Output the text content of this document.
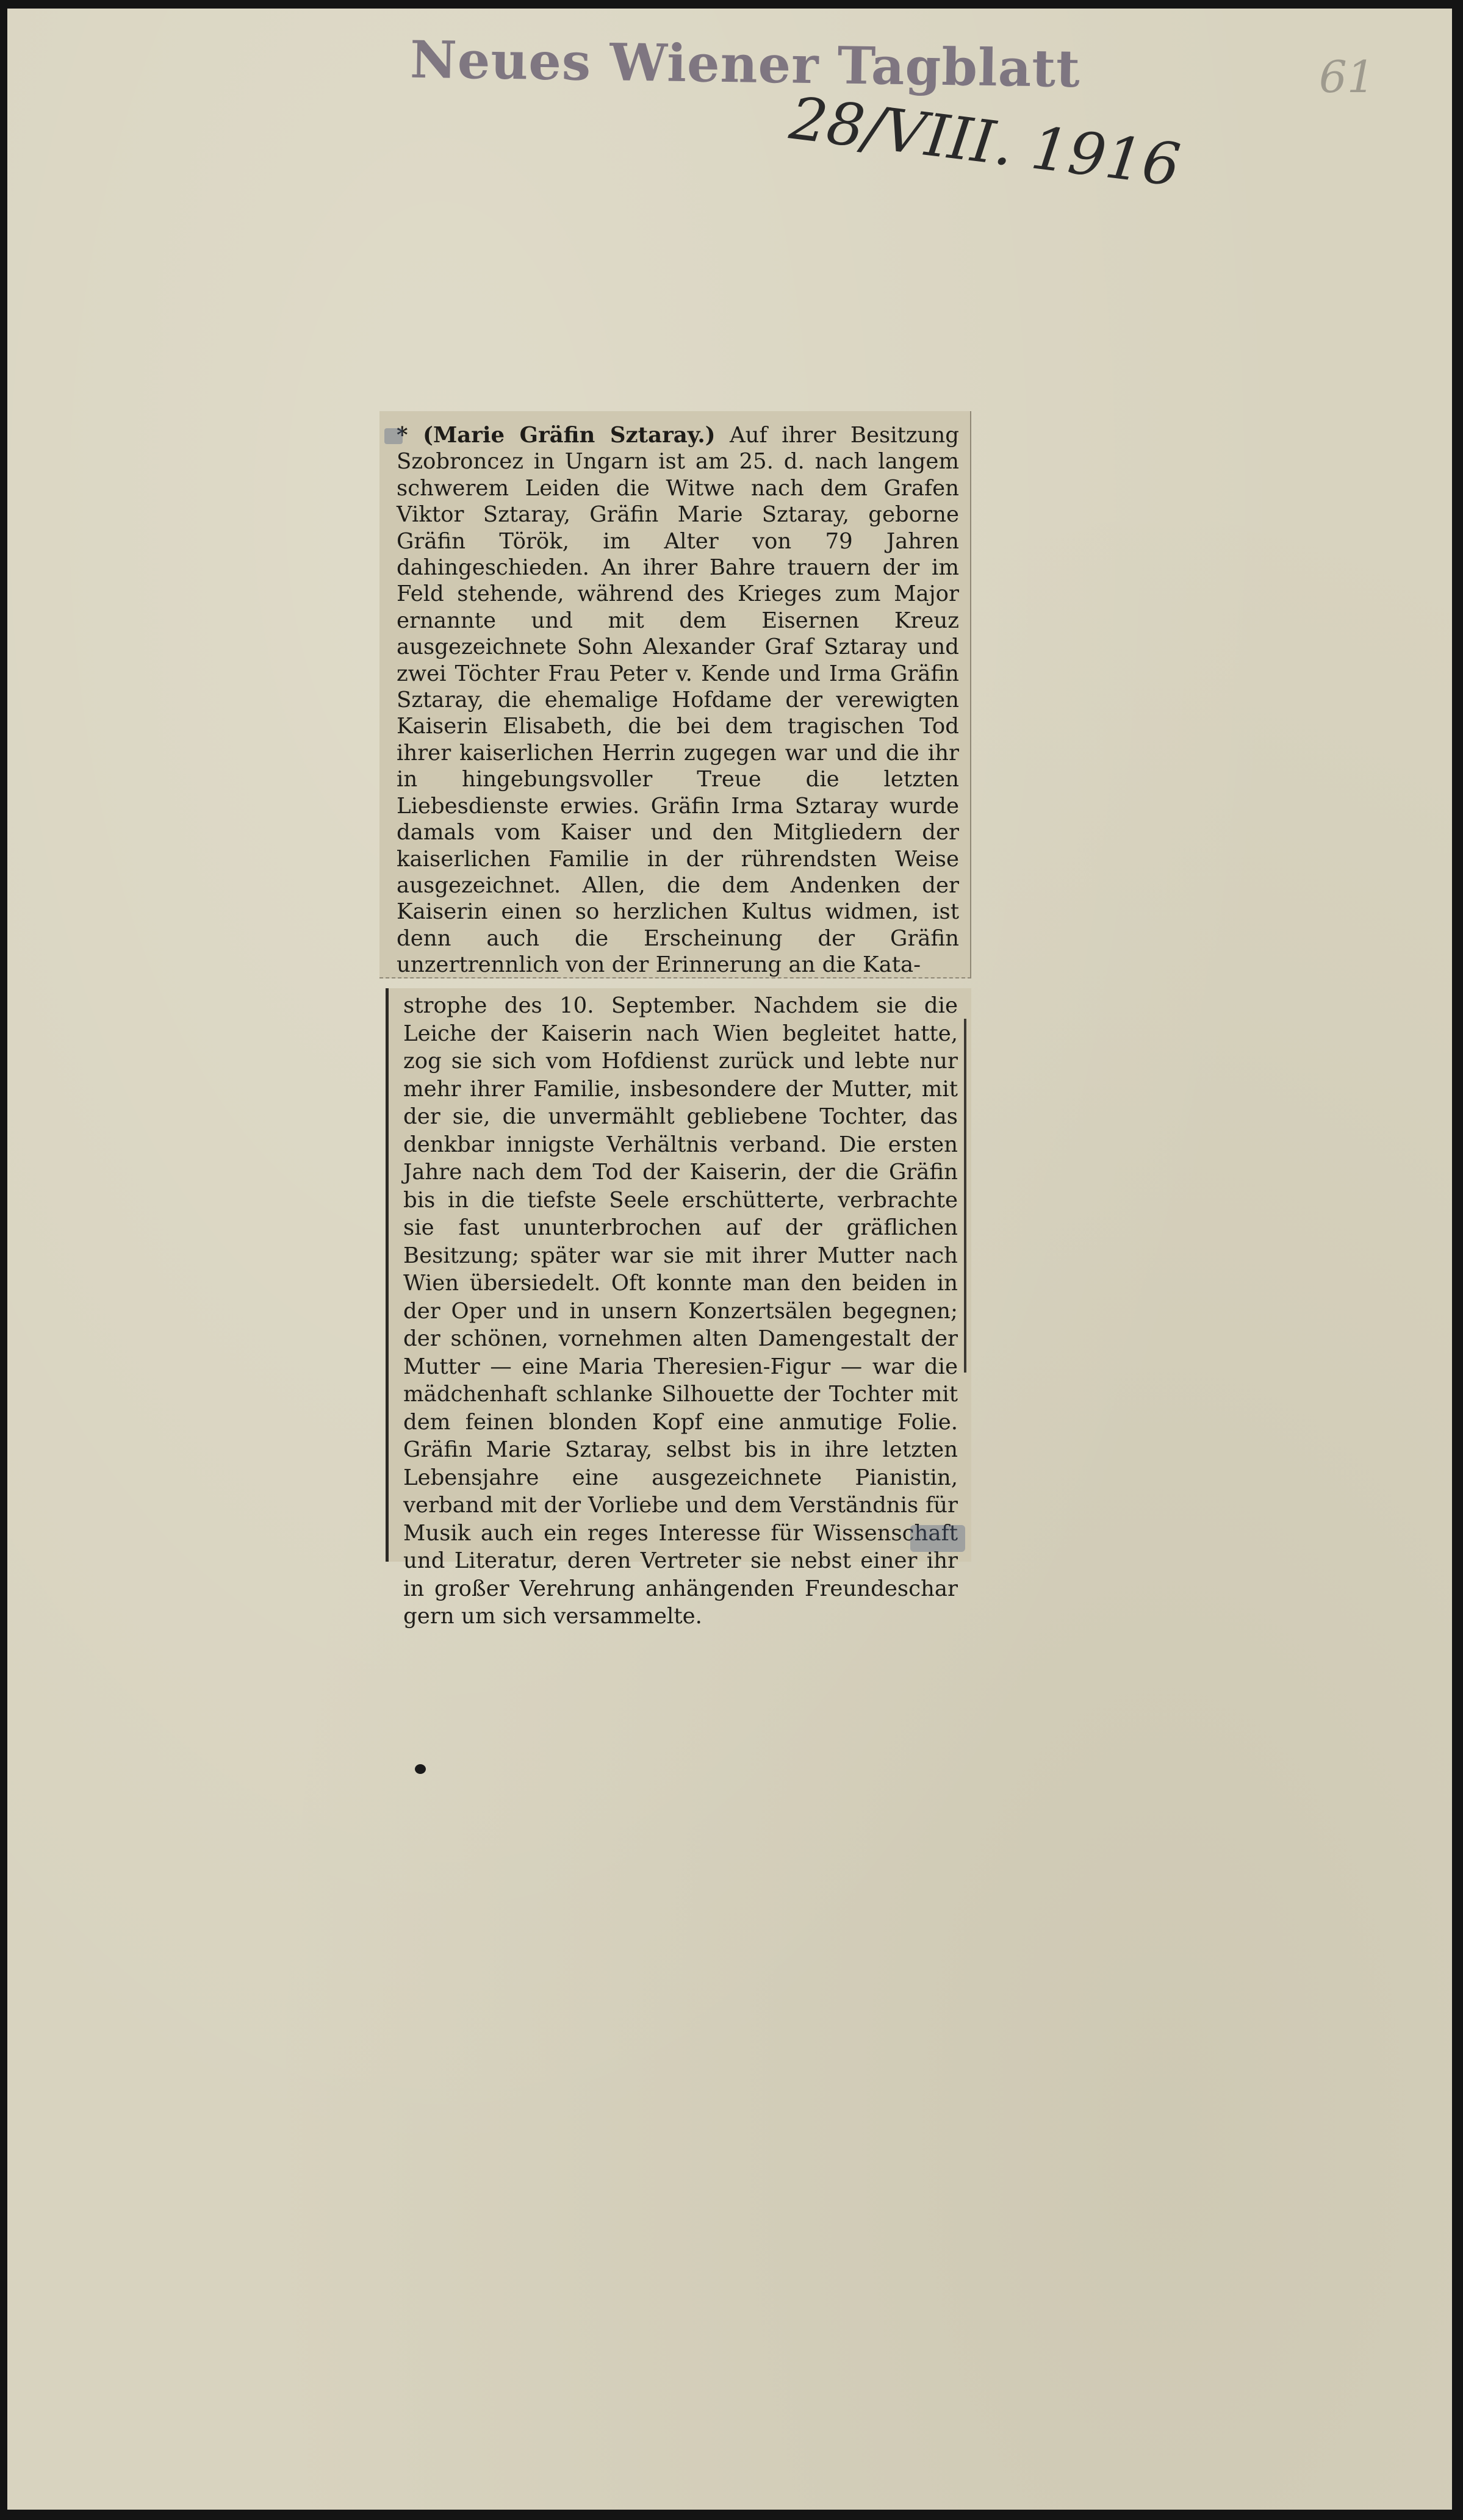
Neues Wiener Tagblatt
28/VIII. 1916
61

* (Marie Gräfin Sztaray.) Auf ihrer Besitzung Szobroncez in Ungarn ist am 25. d. nach langem schwerem Leiden die Witwe nach dem Grafen Viktor Sztaray, Gräfin Marie Sztaray, geborne Gräfin Török, im Alter von 79 Jahren dahingeschieden. An ihrer Bahre trauern der im Feld stehende, während des Krieges zum Major ernannte und mit dem Eisernen Kreuz ausgezeichnete Sohn Alexander Graf Sztaray und zwei Töchter Frau Peter v. Kende und Irma Gräfin Sztaray, die ehemalige Hofdame der verewigten Kaiserin Elisabeth, die bei dem tragischen Tod ihrer kaiserlichen Herrin zugegen war und die ihr in hingebungsvoller Treue die letzten Liebesdienste erwies. Gräfin Irma Sztaray wurde damals vom Kaiser und den Mitgliedern der kaiserlichen Familie in der rührendsten Weise ausgezeichnet. Allen, die dem Andenken der Kaiserin einen so herzlichen Kultus widmen, ist denn auch die Erscheinung der Gräfin unzertrennlich von der Erinnerung an die Kata-

strophe des 10. September. Nachdem sie die Leiche der Kaiserin nach Wien begleitet hatte, zog sie sich vom Hofdienst zurück und lebte nur mehr ihrer Familie, insbesondere der Mutter, mit der sie, die unvermählt gebliebene Tochter, das denkbar innigste Verhältnis verband. Die ersten Jahre nach dem Tod der Kaiserin, der die Gräfin bis in die tiefste Seele erschütterte, verbrachte sie fast ununterbrochen auf der gräflichen Besitzung; später war sie mit ihrer Mutter nach Wien übersiedelt. Oft konnte man den beiden in der Oper und in unsern Konzertsälen begegnen; der schönen, vornehmen alten Damengestalt der Mutter — eine Maria Theresien-Figur — war die mädchenhaft schlanke Silhouette der Tochter mit dem feinen blonden Kopf eine anmutige Folie. Gräfin Marie Sztaray, selbst bis in ihre letzten Lebensjahre eine ausgezeichnete Pianistin, verband mit der Vorliebe und dem Verständnis für Musik auch ein reges Interesse für Wissenschaft und Literatur, deren Vertreter sie nebst einer ihr in großer Verehrung anhängenden Freundeschar gern um sich versammelte.
